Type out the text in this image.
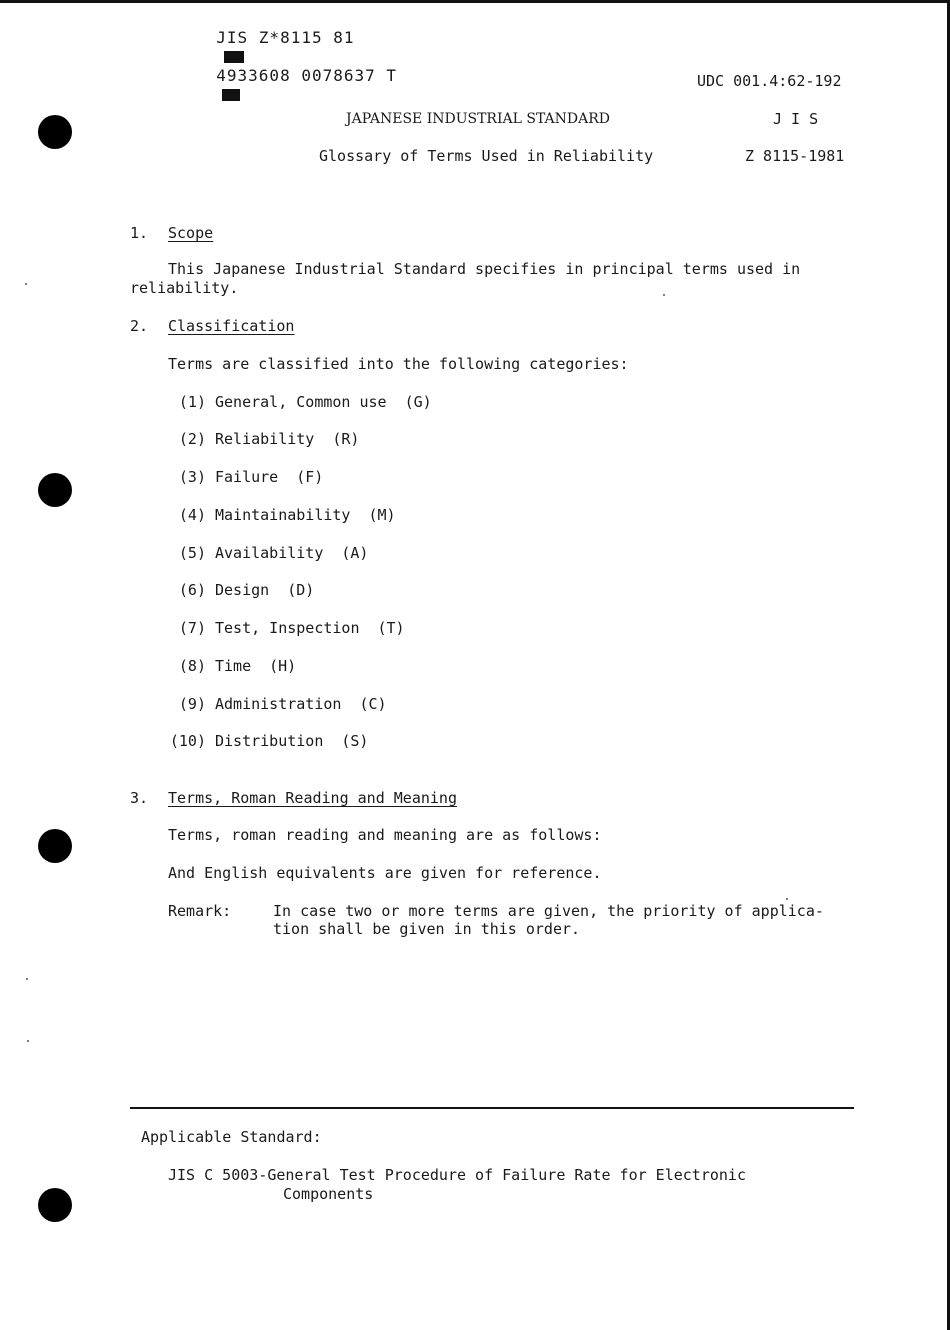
JIS Z*8115 81

4933608 0078637 T
	UDC 001.4:62-192
JAPANESE INDUSTRIAL STANDARD	J I S
Glossary of Terms Used in Reliability	Z 8115-1981
1. Scope
This Japanese Industrial Standard specifies in principal terms used in
reliability.
2. Classification
Terms are classified into the following categories:
(1) General, Common use (G)
(2) Reliability (R)
(3) Failure (F)
(4) Maintainability (M)
(5) Availability (A)
(6) Design (D)
(7) Test, Inspection (T)
(8) Time (H)
(9) Administration (C)
(10) Distribution (S)
3. Terms, Roman Reading and Meaning
Terms, roman reading and meaning are as follows:
And English equivalents are given for reference.
Remark:	In case two or more terms are given, the priority of applica-
tion shall be given in this order.
Applicable Standard:
JIS C 5003-General Test Procedure of Failure Rate for Electronic
Components
